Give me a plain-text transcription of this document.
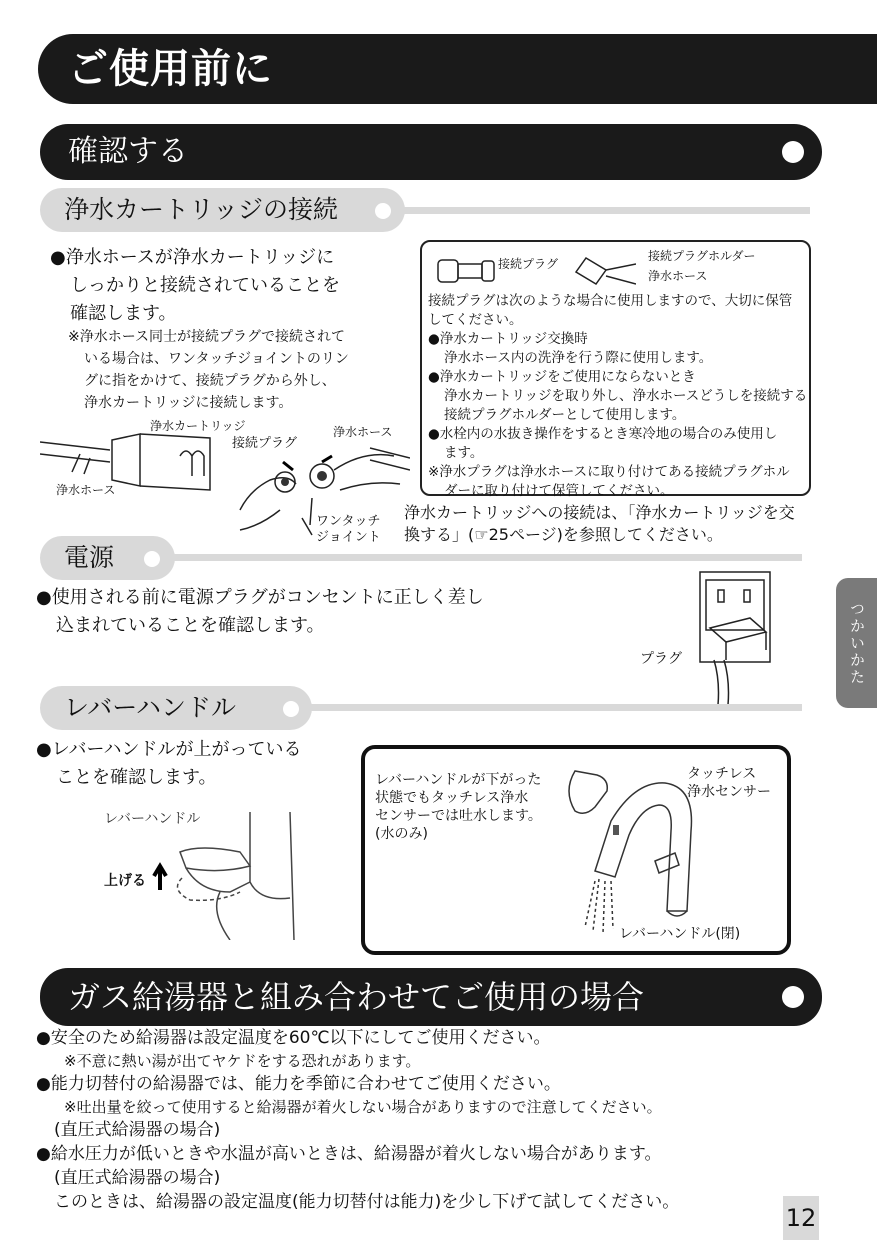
ご使用前に
確認する
浄水カートリッジの接続
●浄水ホースが浄水カートリッジに
しっかりと接続されていることを
確認します。
※浄水ホース同士が接続プラグで接続されて
いる場合は、ワンタッチジョイントのリン
グに指をかけて、接続プラグから外し、
浄水カートリッジに接続します。
浄水カートリッジ
接続プラグ
浄水ホース
浄水ホース
ワンタッチ
ジョイント
接続プラグ
接続プラグホルダー
浄水ホース
接続プラグは次のような場合に使用しますので、大切に保管
してください。
●浄水カートリッジ交換時
浄水ホース内の洗浄を行う際に使用します。
●浄水カートリッジをご使用にならないとき
浄水カートリッジを取り外し、浄水ホースどうしを接続する
接続プラグホルダーとして使用します。
●水栓内の水抜き操作をするとき寒冷地の場合のみ使用し
ます。
※浄水プラグは浄水ホースに取り付けてある接続プラグホル
ダーに取り付けて保管してください。
浄水カートリッジへの接続は、「浄水カートリッジを交
換する」(☞25ページ)を参照してください。
電源
●使用される前に電源プラグがコンセントに正しく差し
込まれていることを確認します。
プラグ
レバーハンドル
●レバーハンドルが上がっている
ことを確認します。
レバーハンドル
上げる
レバーハンドルが下がった
状態でもタッチレス浄水
センサーでは吐水します。
(水のみ)
タッチレス
浄水センサー
レバーハンドル(閉)
ガス給湯器と組み合わせてご使用の場合
●安全のため給湯器は設定温度を60℃以下にしてご使用ください。
※不意に熱い湯が出てヤケドをする恐れがあります。
●能力切替付の給湯器では、能力を季節に合わせてご使用ください。
※吐出量を絞って使用すると給湯器が着火しない場合がありますので注意してください。
(直圧式給湯器の場合)
●給水圧力が低いときや水温が高いときは、給湯器が着火しない場合があります。
(直圧式給湯器の場合)
このときは、給湯器の設定温度(能力切替付は能力)を少し下げて試してください。
つかいかた
12
